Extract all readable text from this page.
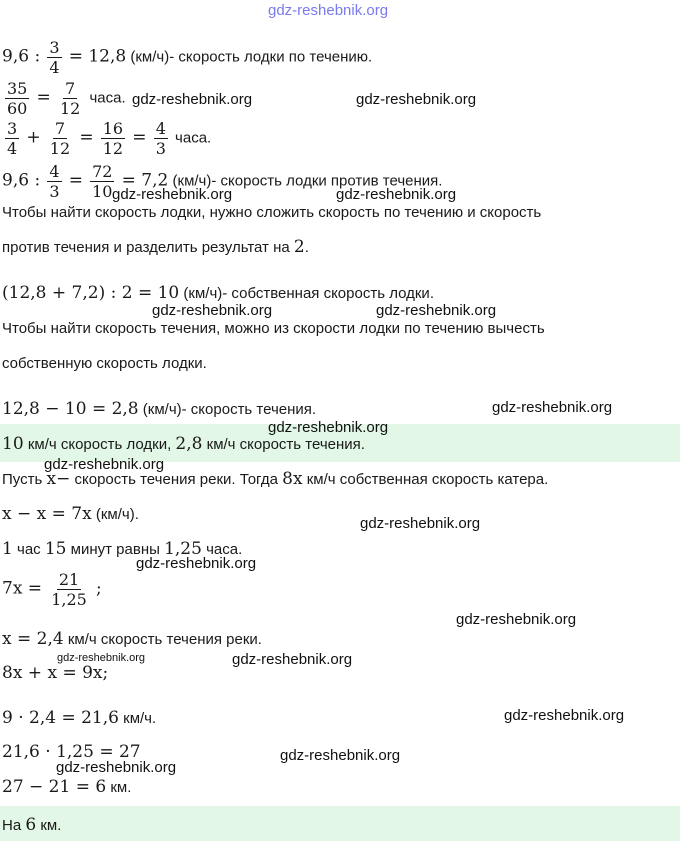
gdz-reshebnik.org
9,6 : $\frac{3}{4} = 12,8$ (км/ч)- скорость лодки по течению.
$\frac{35}{60} = \frac{7}{12}$ часа.
$\frac{3}{4} + \frac{7}{12} = \frac{16}{12} = \frac{4}{3}$ часа.
9,6 : $\frac{4}{3} = \frac{72}{10} = 7,2$ (км/ч)- скорость лодки против течения.
Чтобы найти скорость лодки, нужно сложить скорость по течению и скорость
против течения и разделить результат на 2.
(12,8 + 7,2) : 2 = 10 (км/ч)- собственная скорость лодки.
Чтобы найти скорость течения, можно из скорости лодки по течению вычесть
собственную скорость лодки.
12,8 − 10 = 2,8 (км/ч)- скорость течения.
10 км/ч скорость лодки, 2,8 км/ч скорость течения.
Пусть x− скорость течения реки. Тогда 8x км/ч собственная скорость катера.
x − x = 7x (км/ч).
1 час 15 минут равны 1,25 часа.
$7x = \frac{21}{1,25}$ ;
x = 2,4 км/ч скорость течения реки.
8x + x = 9x;
9 · 2,4 = 21,6 км/ч.
21,6 · 1,25 = 27
27 − 21 = 6 км.
На 6 км.
gdz-reshebnik.org	gdz-reshebnik.org
gdz-reshebnik.org	gdz-reshebnik.org
gdz-reshebnik.org	gdz-reshebnik.org
gdz-reshebnik.org
gdz-reshebnik.org
gdz-reshebnik.org
gdz-reshebnik.org
gdz-reshebnik.org
gdz-reshebnik.org
gdz-reshebnik.org	gdz-reshebnik.org
gdz-reshebnik.org
gdz-reshebnik.org
gdz-reshebnik.org
